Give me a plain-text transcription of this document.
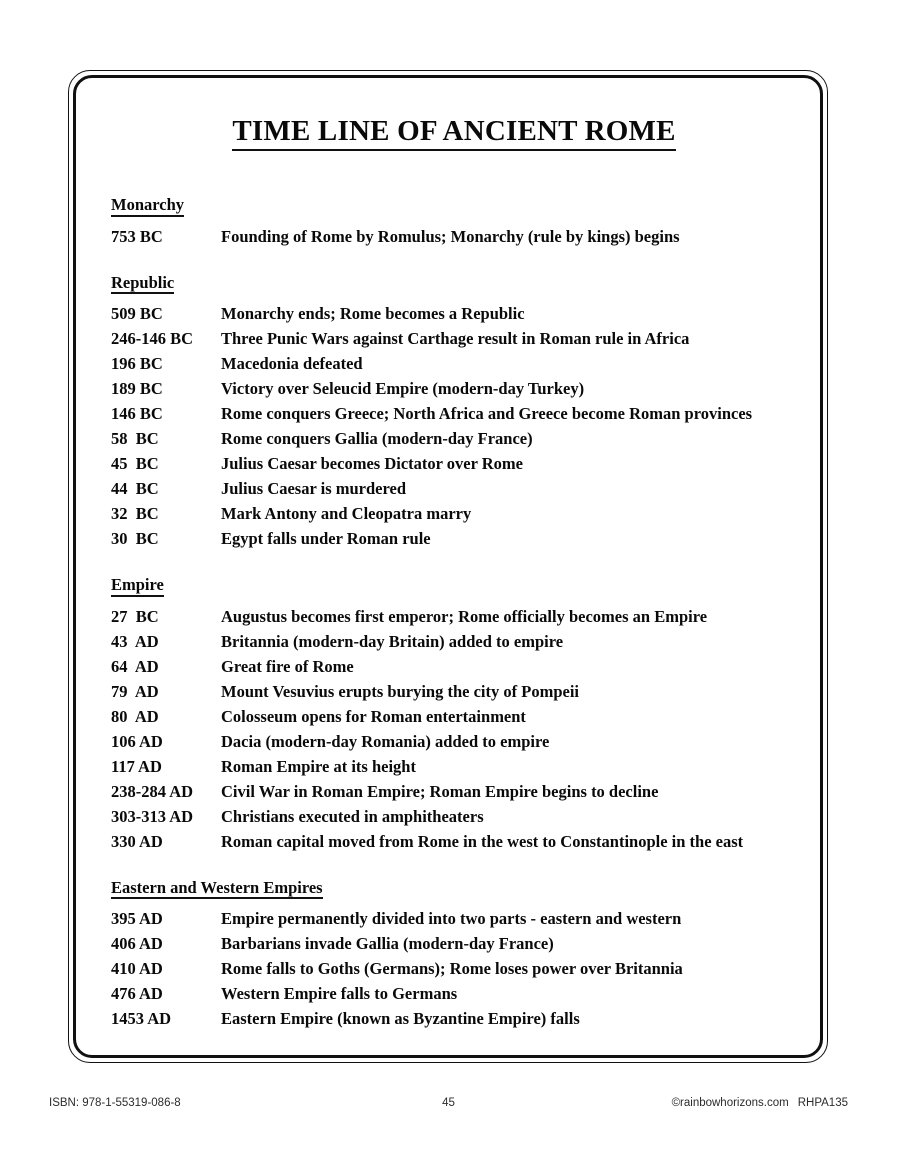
TIME LINE OF ANCIENT ROME
Monarchy
753 BC	Founding of Rome by Romulus; Monarchy (rule by kings) begins
Republic
509 BC	Monarchy ends; Rome becomes a Republic
246-146 BC	Three Punic Wars against Carthage result in Roman rule in Africa
196 BC	Macedonia defeated
189 BC	Victory over Seleucid Empire (modern-day Turkey)
146 BC	Rome conquers Greece; North Africa and Greece become Roman provinces
58  BC	Rome conquers Gallia (modern-day France)
45  BC	Julius Caesar becomes Dictator over Rome
44  BC	Julius Caesar is murdered
32  BC	Mark Antony and Cleopatra marry
30  BC	Egypt falls under Roman rule
Empire
27  BC	Augustus becomes first emperor; Rome officially becomes an Empire
43  AD	Britannia (modern-day Britain) added to empire
64  AD	Great fire of Rome
79  AD	Mount Vesuvius erupts burying the city of Pompeii
80  AD	Colosseum opens for Roman entertainment
106 AD	Dacia (modern-day Romania) added to empire
117 AD	Roman Empire at its height
238-284 AD	Civil War in Roman Empire; Roman Empire begins to decline
303-313 AD	Christians executed in amphitheaters
330 AD	Roman capital moved from Rome in the west to Constantinople in the east
Eastern and Western Empires
395 AD	Empire permanently divided into two parts - eastern and western
406 AD	Barbarians invade Gallia (modern-day France)
410 AD	Rome falls to Goths (Germans); Rome loses power over Britannia
476 AD	Western Empire falls to Germans
1453 AD	Eastern Empire (known as Byzantine Empire) falls
ISBN: 978-1-55319-086-8	45	©rainbowhorizons.com RHPA135
